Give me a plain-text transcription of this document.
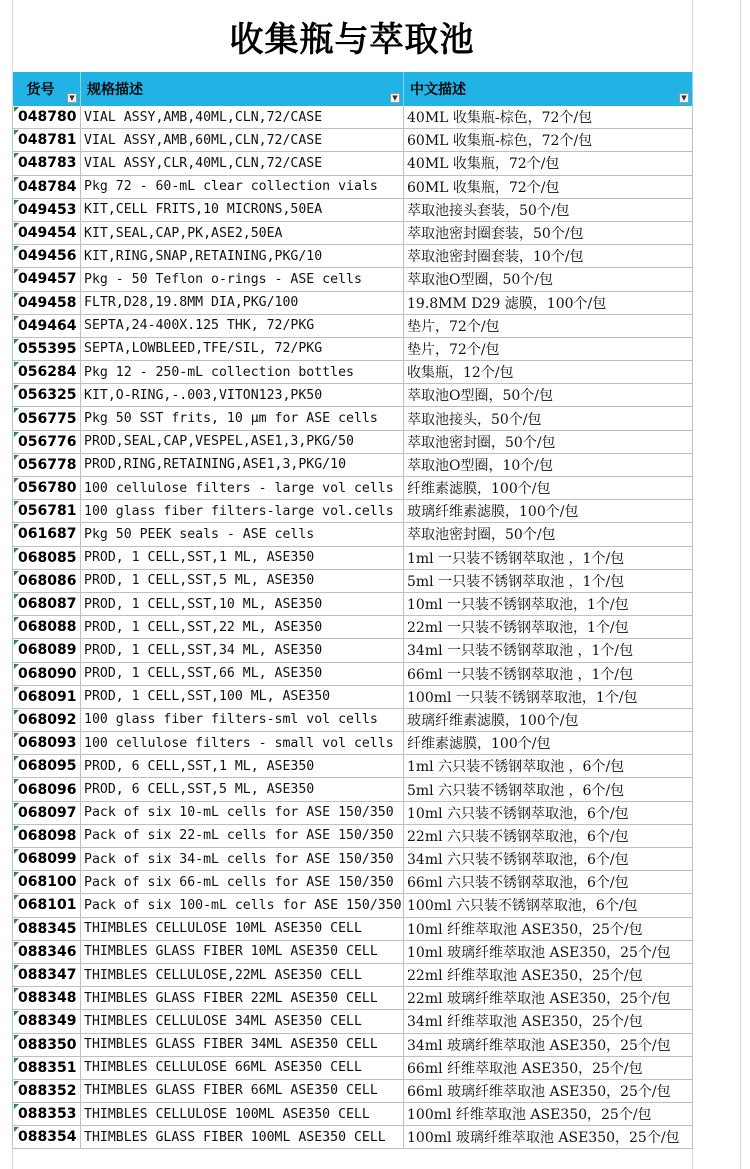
收集瓶与萃取池
货号 ▼	规格描述 ▼	中文描述 ▼

048780	VIAL ASSY,AMB,40ML,CLN,72/CASE	40ML 收集瓶-棕色，72个/包
048781	VIAL ASSY,AMB,60ML,CLN,72/CASE	60ML 收集瓶-棕色，72个/包
048783	VIAL ASSY,CLR,40ML,CLN,72/CASE	40ML 收集瓶，72个/包
048784	Pkg 72 - 60-mL clear collection vials	60ML 收集瓶，72个/包
049453	KIT,CELL FRITS,10 MICRONS,50EA	萃取池接头套装，50个/包
049454	KIT,SEAL,CAP,PK,ASE2,50EA	萃取池密封圈套装，50个/包
049456	KIT,RING,SNAP,RETAINING,PKG/10	萃取池密封圈套装，10个/包
049457	Pkg - 50 Teflon o-rings - ASE cells	萃取池O型圈，50个/包
049458	FLTR,D28,19.8MM DIA,PKG/100	19.8MM D29 滤膜，100个/包
049464	SEPTA,24-400X.125 THK, 72/PKG	垫片，72个/包
055395	SEPTA,LOWBLEED,TFE/SIL, 72/PKG	垫片，72个/包
056284	Pkg 12 - 250-mL collection bottles	收集瓶，12个/包
056325	KIT,O-RING,-.003,VITON123,PK50	萃取池O型圈，50个/包
056775	Pkg 50 SST frits, 10 μm for ASE cells	萃取池接头，50个/包
056776	PROD,SEAL,CAP,VESPEL,ASE1,3,PKG/50	萃取池密封圈，50个/包
056778	PROD,RING,RETAINING,ASE1,3,PKG/10	萃取池O型圈，10个/包
056780	100 cellulose filters - large vol cells	纤维素滤膜，100个/包
056781	100 glass fiber filters-large vol.cells	玻璃纤维素滤膜，100个/包
061687	Pkg 50 PEEK seals - ASE cells	萃取池密封圈，50个/包
068085	PROD, 1 CELL,SST,1 ML, ASE350	1ml 一只装不锈钢萃取池 ，1个/包
068086	PROD, 1 CELL,SST,5 ML, ASE350	5ml 一只装不锈钢萃取池 ，1个/包
068087	PROD, 1 CELL,SST,10 ML, ASE350	10ml 一只装不锈钢萃取池，1个/包
068088	PROD, 1 CELL,SST,22 ML, ASE350	22ml 一只装不锈钢萃取池，1个/包
068089	PROD, 1 CELL,SST,34 ML, ASE350	34ml 一只装不锈钢萃取池 ，1个/包
068090	PROD, 1 CELL,SST,66 ML, ASE350	66ml 一只装不锈钢萃取池 ，1个/包
068091	PROD, 1 CELL,SST,100 ML, ASE350	100ml 一只装不锈钢萃取池，1个/包
068092	100 glass fiber filters-sml vol cells	玻璃纤维素滤膜，100个/包
068093	100 cellulose filters - small vol cells	纤维素滤膜，100个/包
068095	PROD, 6 CELL,SST,1 ML, ASE350	1ml 六只装不锈钢萃取池 ，6个/包
068096	PROD, 6 CELL,SST,5 ML, ASE350	5ml 六只装不锈钢萃取池 ，6个/包
068097	Pack of six 10-mL cells for ASE 150/350	10ml 六只装不锈钢萃取池，6个/包
068098	Pack of six 22-mL cells for ASE 150/350	22ml 六只装不锈钢萃取池，6个/包
068099	Pack of six 34-mL cells for ASE 150/350	34ml 六只装不锈钢萃取池，6个/包
068100	Pack of six 66-mL cells for ASE 150/350	66ml 六只装不锈钢萃取池，6个/包
068101	Pack of six 100-mL cells for ASE 150/350	100ml 六只装不锈钢萃取池，6个/包
088345	THIMBLES CELLULOSE 10ML ASE350 CELL	10ml 纤维萃取池 ASE350，25个/包
088346	THIMBLES GLASS FIBER 10ML ASE350 CELL	10ml 玻璃纤维萃取池 ASE350，25个/包
088347	THIMBLES CELLULOSE,22ML ASE350 CELL	22ml 纤维萃取池 ASE350，25个/包
088348	THIMBLES GLASS FIBER 22ML ASE350 CELL	22ml 玻璃纤维萃取池 ASE350，25个/包
088349	THIMBLES CELLULOSE 34ML ASE350 CELL	34ml 纤维萃取池 ASE350，25个/包
088350	THIMBLES GLASS FIBER 34ML ASE350 CELL	34ml 玻璃纤维萃取池 ASE350，25个/包
088351	THIMBLES CELLULOSE 66ML ASE350 CELL	66ml 纤维萃取池 ASE350，25个/包
088352	THIMBLES GLASS FIBER 66ML ASE350 CELL	66ml 玻璃纤维萃取池 ASE350，25个/包
088353	THIMBLES CELLULOSE 100ML ASE350 CELL	100ml 纤维萃取池 ASE350，25个/包
088354	THIMBLES GLASS FIBER 100ML ASE350 CELL	100ml 玻璃纤维萃取池 ASE350，25个/包
